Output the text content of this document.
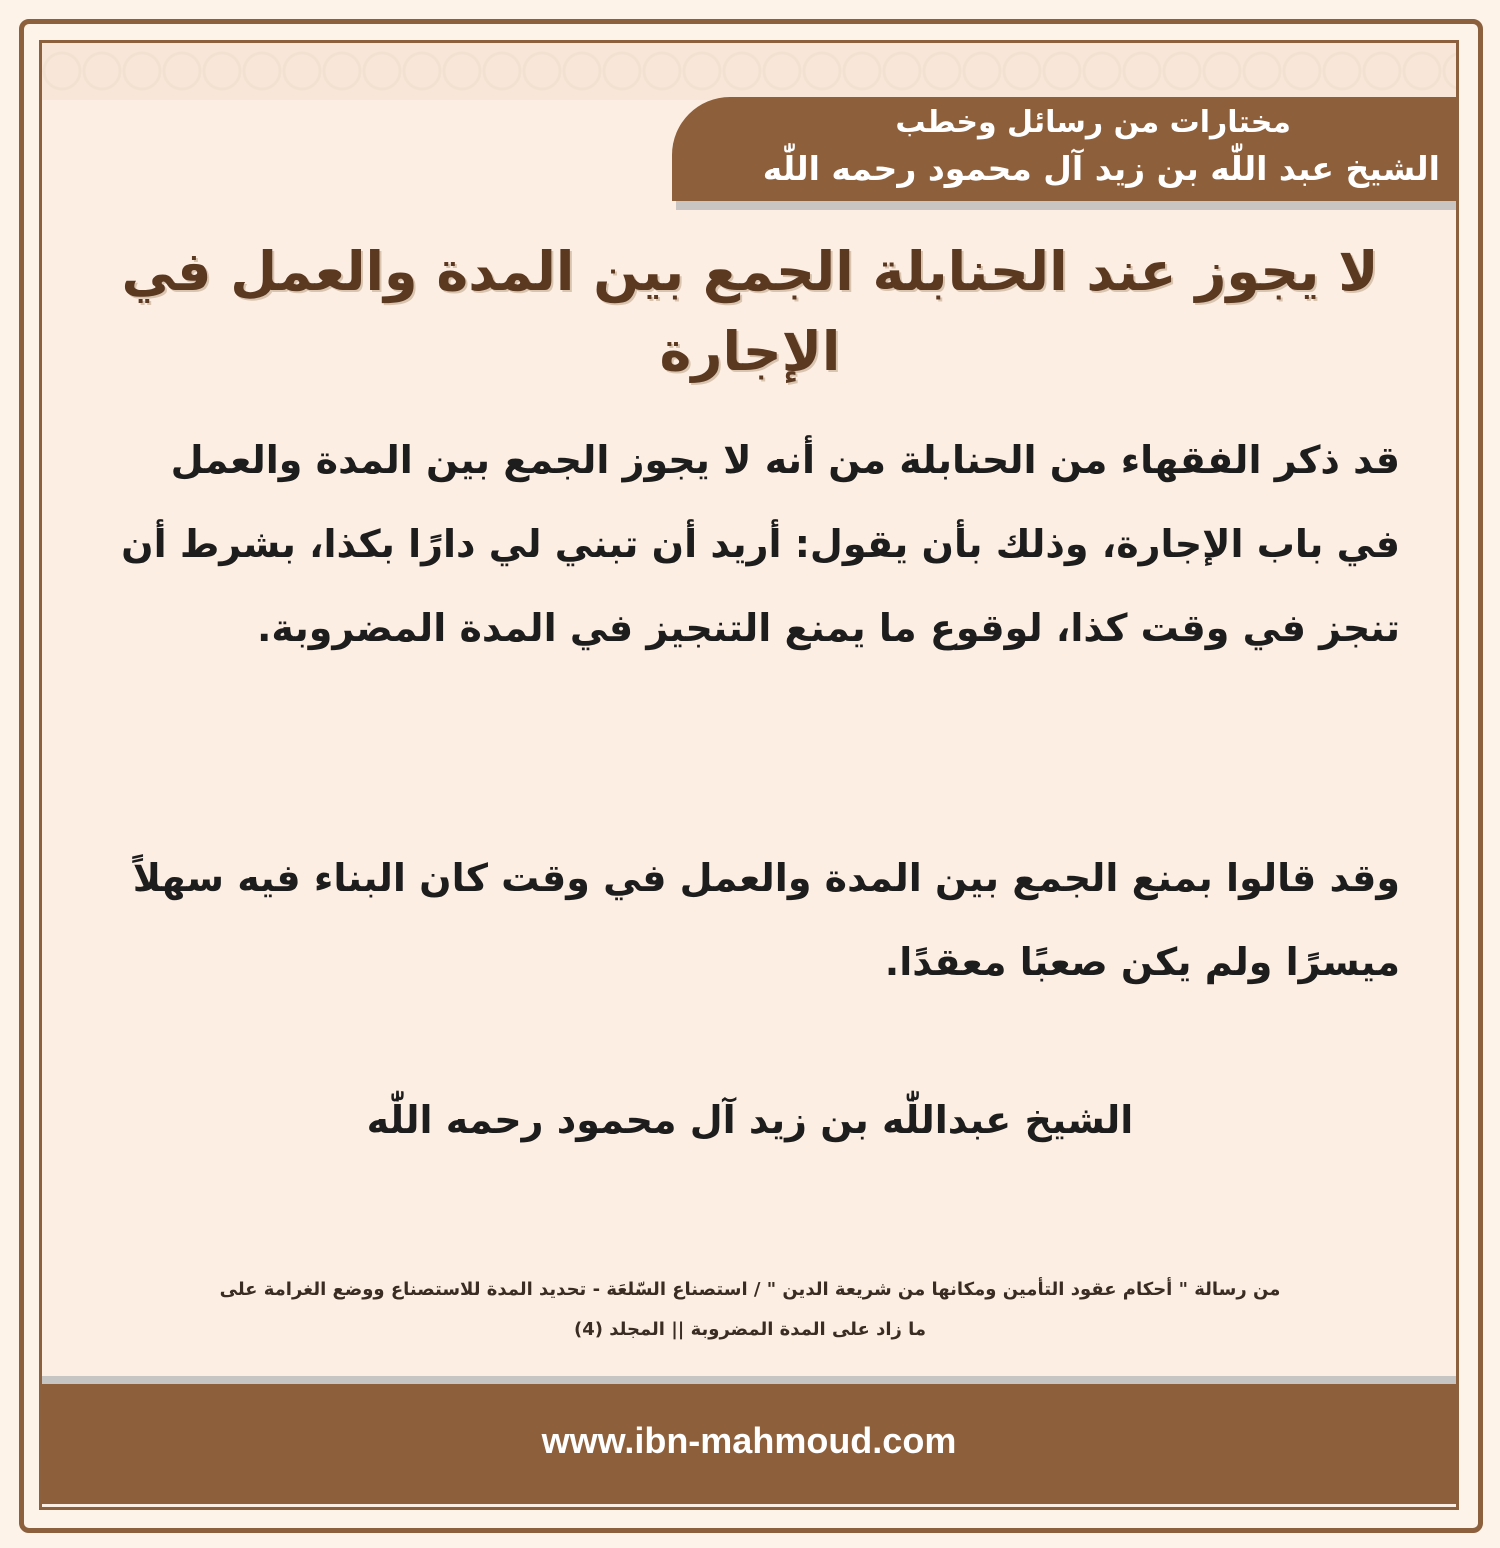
مختارات من رسائل وخطب
الشيخ عبد اللّٰه بن زيد آل محمود رحمه اللّٰه
لا يجوز عند الحنابلة الجمع بين المدة والعمل في الإجارة
قد ذكر الفقهاء من الحنابلة من أنه لا يجوز الجمع بين المدة والعمل في باب الإجارة، وذلك بأن يقول: أريد أن تبني لي دارًا بكذا، بشرط أن تنجز في وقت كذا، لوقوع ما يمنع التنجيز في المدة المضروبة.
وقد قالوا بمنع الجمع بين المدة والعمل في وقت كان البناء فيه سهلاً ميسرًا ولم يكن صعبًا معقدًا.
الشيخ عبداللّٰه بن زيد آل محمود رحمه اللّٰه
من رسالة " أحكام عقود التأمين ومكانها من شريعة الدين " / استصناع السّلعَة - تحديد المدة للاستصناع ووضع الغرامة على
ما زاد على المدة المضروبة || المجلد (4)
www.ibn-mahmoud.com
